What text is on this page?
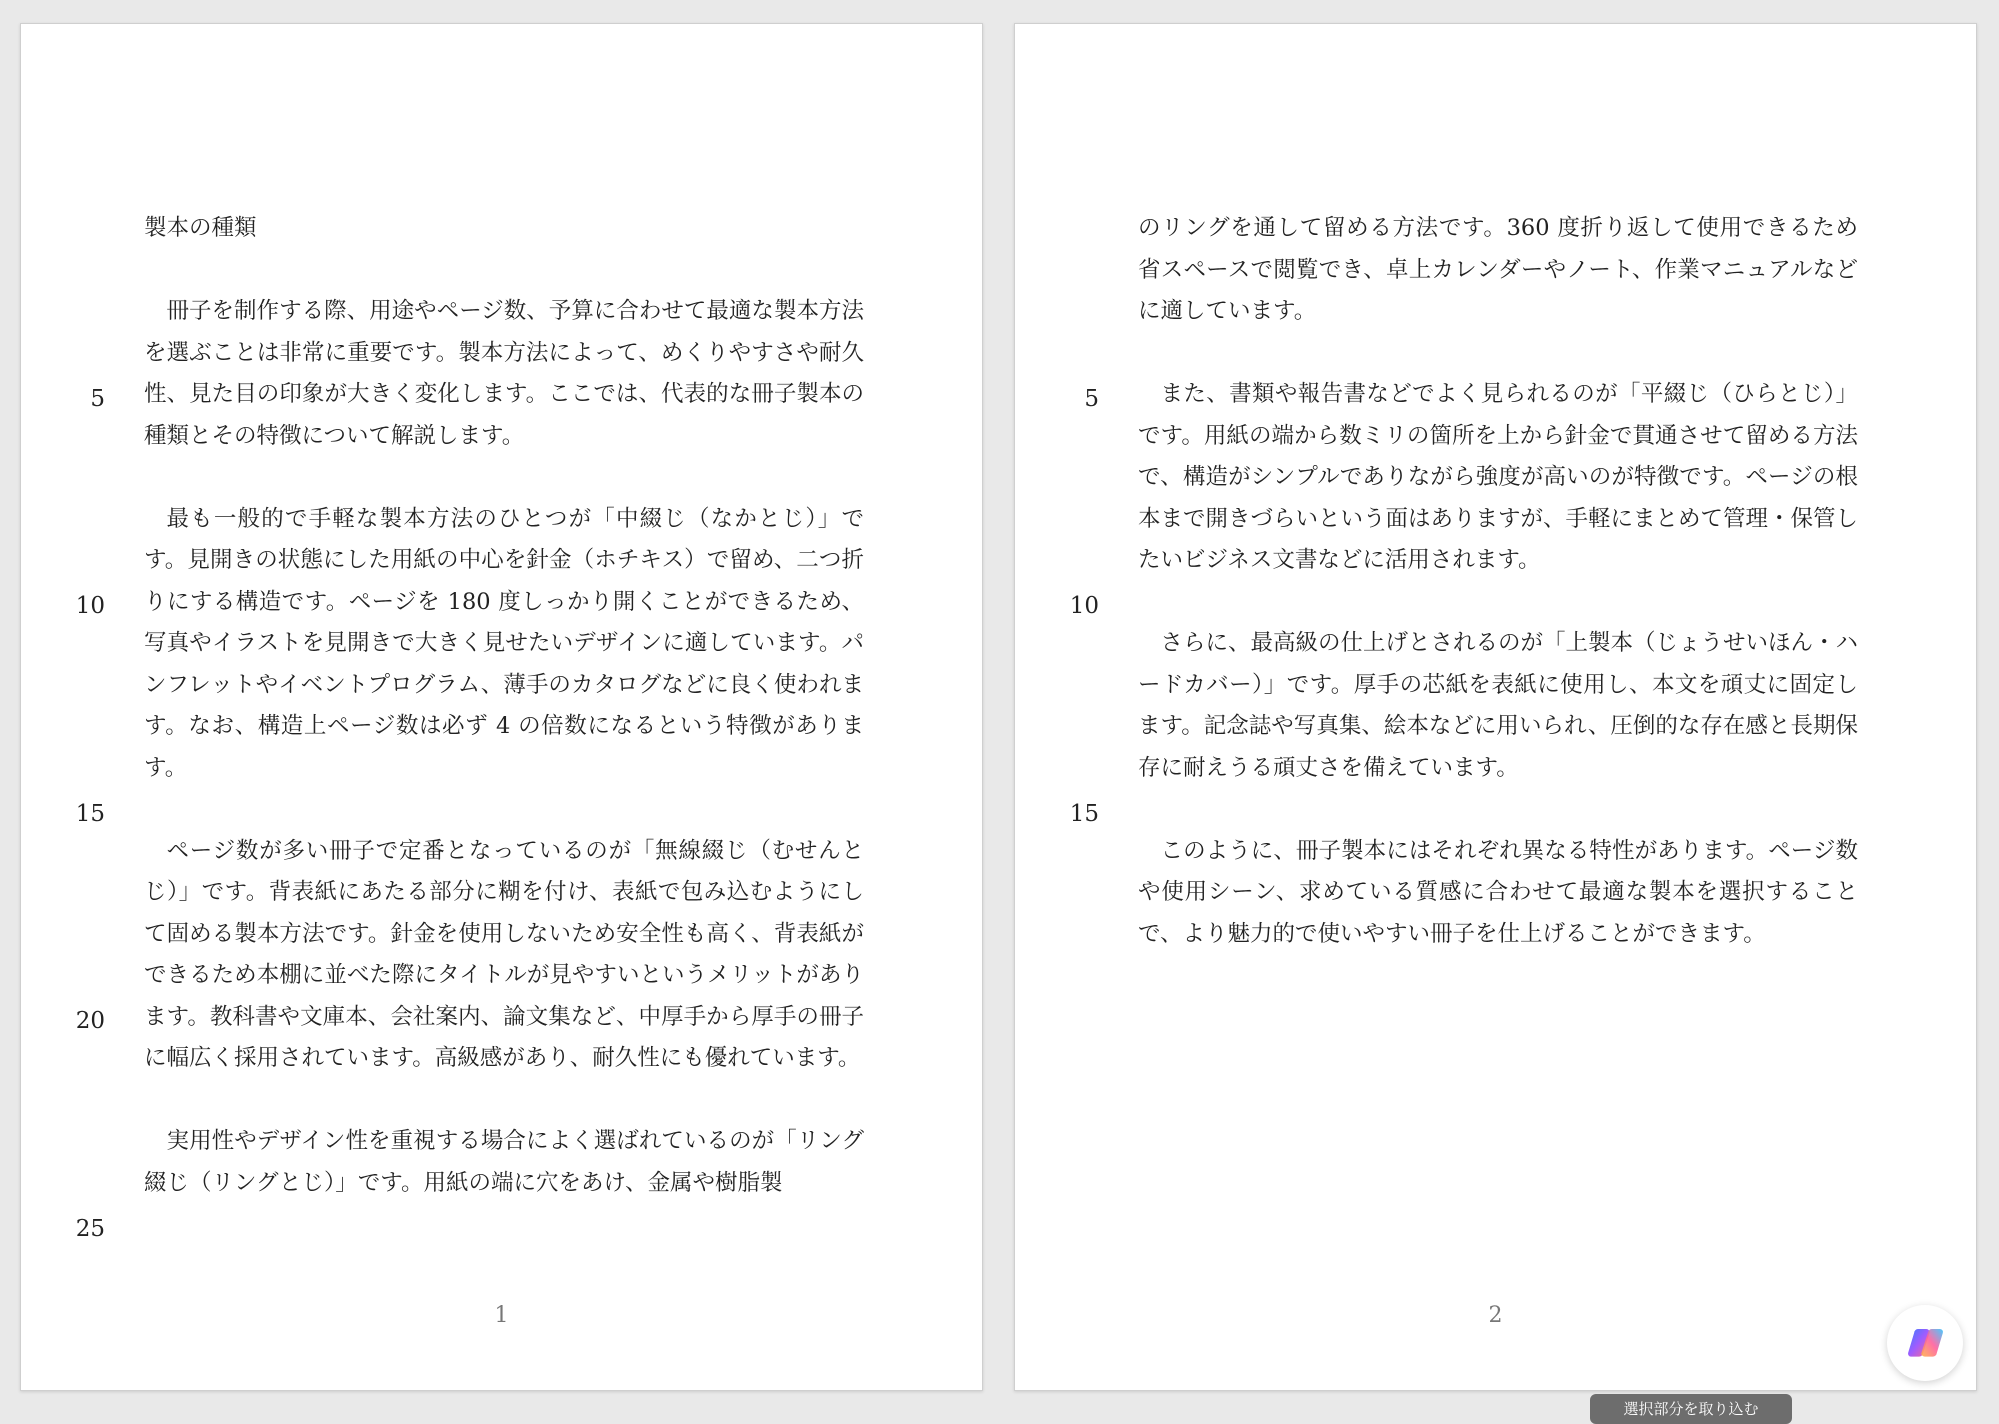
5
10
15
20
25

製本の種類

冊子を制作する際、用途やページ数、予算に合わせて最適な製本方法を選ぶことは非常に重要です。製本方法によって、めくりやすさや耐久性、見た目の印象が大きく変化します。ここでは、代表的な冊子製本の種類とその特徴について解説します。

最も一般的で手軽な製本方法のひとつが「中綴じ（なかとじ）」です。見開きの状態にした用紙の中心を針金（ホチキス）で留め、二つ折りにする構造です。ページを 180 度しっかり開くことができるため、写真やイラストを見開きで大きく見せたいデザインに適しています。パンフレットやイベントプログラム、薄手のカタログなどに良く使われます。なお、構造上ページ数は必ず 4 の倍数になるという特徴があります。

ページ数が多い冊子で定番となっているのが「無線綴じ（むせんとじ）」です。背表紙にあたる部分に糊を付け、表紙で包み込むようにして固める製本方法です。針金を使用しないため安全性も高く、背表紙ができるため本棚に並べた際にタイトルが見やすいというメリットがあります。教科書や文庫本、会社案内、論文集など、中厚手から厚手の冊子に幅広く採用されています。高級感があり、耐久性にも優れています。

実用性やデザイン性を重視する場合によく選ばれているのが「リング綴じ（リングとじ）」です。用紙の端に穴をあけ、金属や樹脂製

1
5
10
15

のリングを通して留める方法です。360 度折り返して使用できるため省スペースで閲覧でき、卓上カレンダーやノート、作業マニュアルなどに適しています。

また、書類や報告書などでよく見られるのが「平綴じ（ひらとじ）」です。用紙の端から数ミリの箇所を上から針金で貫通させて留める方法で、構造がシンプルでありながら強度が高いのが特徴です。ページの根本まで開きづらいという面はありますが、手軽にまとめて管理・保管したいビジネス文書などに活用されます。

さらに、最高級の仕上げとされるのが「上製本（じょうせいほん・ハードカバー）」です。厚手の芯紙を表紙に使用し、本文を頑丈に固定します。記念誌や写真集、絵本などに用いられ、圧倒的な存在感と長期保存に耐えうる頑丈さを備えています。

このように、冊子製本にはそれぞれ異なる特性があります。ページ数や使用シーン、求めている質感に合わせて最適な製本を選択することで、より魅力的で使いやすい冊子を仕上げることができます。

2
選択部分を取り込む
